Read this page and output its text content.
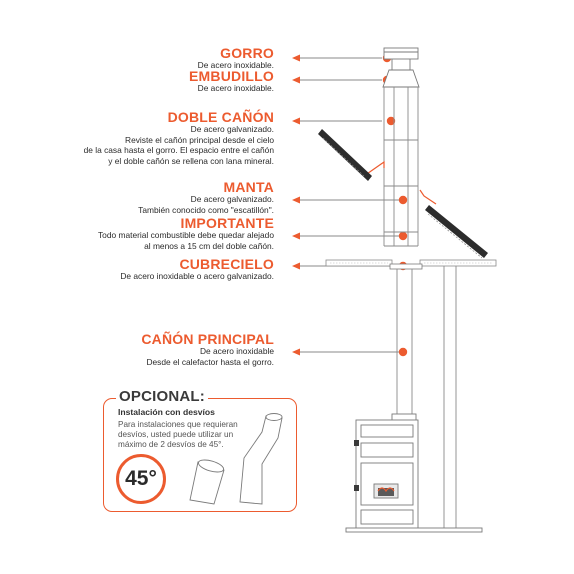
GORRO
De acero inoxidable.
EMBUDILLO
De acero inoxidable.
DOBLE CAÑÓN
De acero galvanizado.
Reviste el cañón principal desde el cielo
de la casa hasta el gorro. El espacio entre el cañón
y el doble cañón se rellena con lana mineral.
MANTA
De acero galvanizado.
También conocido como "escatillón".
IMPORTANTE
Todo material combustible debe quedar alejado
al menos a 15 cm del doble cañón.
CUBRECIELO
De acero inoxidable o acero galvanizado.
CAÑÓN PRINCIPAL
De acero inoxidable
Desde el calefactor hasta el gorro.
OPCIONAL:
Instalación con desvíos
Para instalaciones que requieran
desvíos, usted puede utilizar un
máximo de 2 desvíos de 45°.
45°
